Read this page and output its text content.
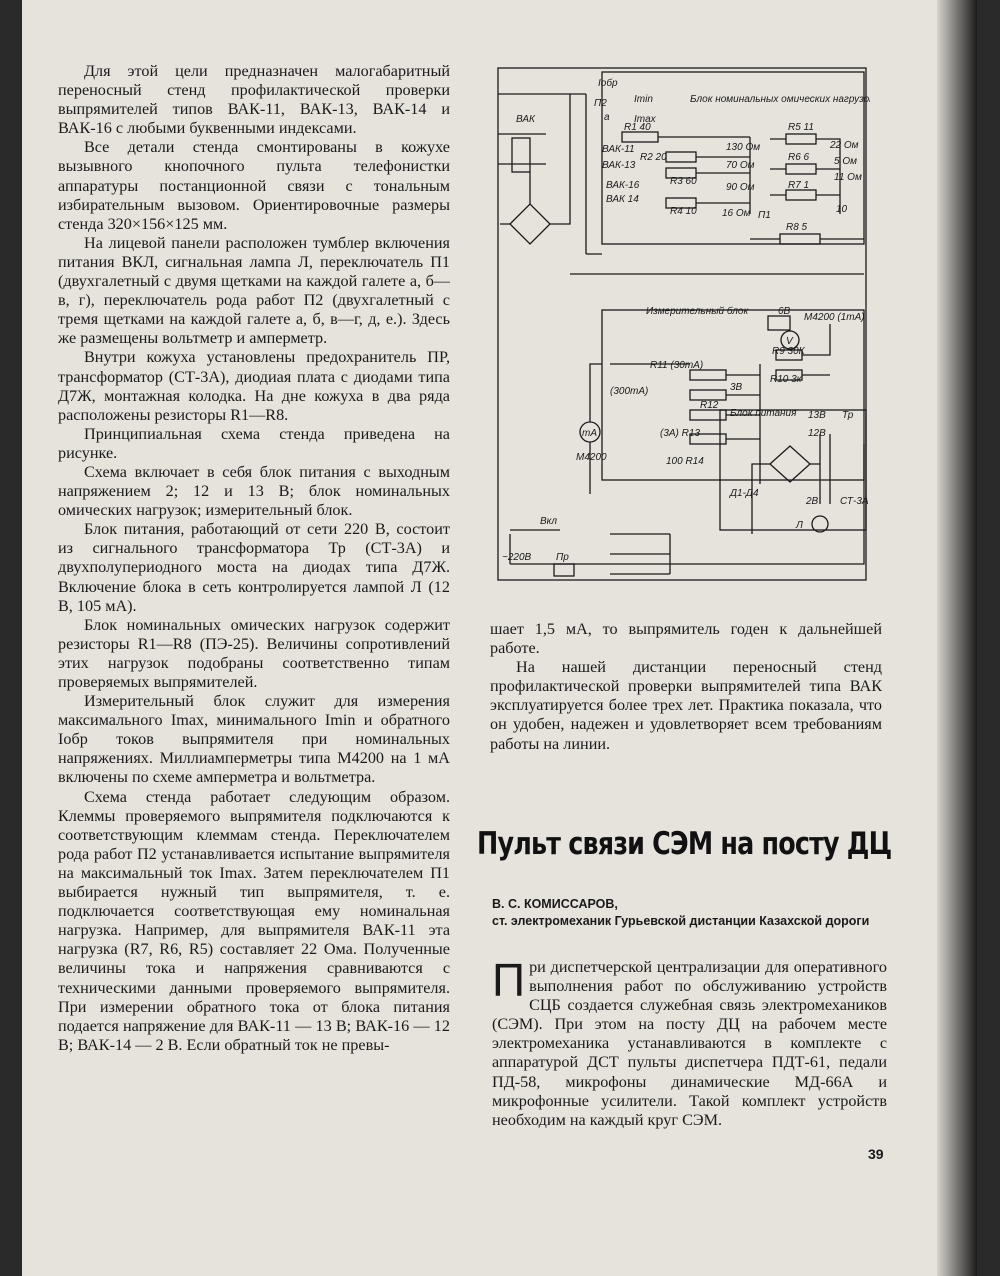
Для этой цели предназначен малогабаритный переносный стенд профилактической проверки выпрямителей типов ВАК-11, ВАК-13, ВАК-14 и ВАК-16 с любыми буквенными индексами.

Все детали стенда смонтированы в кожухе вызывного кнопочного пульта телефонистки аппаратуры постанционной связи с тональным избирательным вызовом. Ориентировочные размеры стенда 320×156×125 мм.

На лицевой панели расположен тумблер включения питания ВКЛ, сигнальная лампа Л, переключатель П1 (двухгалетный с двумя щетками на каждой галете а, б—в, г), переключатель рода работ П2 (двухгалетный с тремя щетками на каждой галете а, б, в—г, д, е.). Здесь же размещены вольтметр и амперметр.

Внутри кожуха установлены предохранитель ПР, трансформатор (СТ-3А), диодиая плата с диодами типа Д7Ж, монтажная колодка. На дне кожуха в два ряда расположены резисторы R1—R8.

Принципиальная схема стенда приведена на рисунке.

Схема включает в себя блок питания с выходным напряжением 2; 12 и 13 В; блок номинальных омических нагрузок; измерительный блок.

Блок питания, работающий от сети 220 В, состоит из сигнального трансформатора Тр (СТ-3А) и двухполупериодного моста на диодах типа Д7Ж. Включение блока в сеть контролируется лампой Л (12 В, 105 мА).

Блок номинальных омических нагрузок содержит резисторы R1—R8 (ПЭ-25). Величины сопротивлений этих нагрузок подобраны соответственно типам проверяемых выпрямителей.

Измерительный блок служит для измерения максимального Imax, минимального Imin и обратного Iобр токов выпрямителя при номинальных напряжениях. Миллиамперметры типа М4200 на 1 мА включены по схеме амперметра и вольтметра.

Схема стенда работает следующим образом. Клеммы проверяемого выпрямителя подключаются к соответствующим клеммам стенда. Переключателем рода работ П2 устанавливается испытание выпрямителя на максимальный ток Imax. Затем переключателем П1 выбирается нужный тип выпрямителя, т. е. подключается соответствующая ему номинальная нагрузка. Например, для выпрямителя ВАК-11 эта нагрузка (R7, R6, R5) составляет 22 Ома. Полученные величины тока и напряжения сравниваются с техническими данными проверяемого выпрямителя. При измерении обратного тока от блока питания подается напряжение для ВАК-11 — 13 В; ВАК-16 — 12 В; ВАК-14 — 2 В. Если обратный ток не превы-

ВАК
Iобр
Imin
Imax
П2
а
Блок номинальных омических нагрузок
R1 40
R2 20
R3 60
R4 10
R5 11
R6 6
R7 1
R8 5
ВАК-11
ВАК-13
ВАК-16
ВАК 14
130 Ом
70 Ом
90 Ом
16 Ом
22 Ом
5 Ом
11 Ом
10
П1
Измерительный блок
М4200 (1mA)
V
R9 30К
R10 3к
6В
3В
R11 (30mA)
(300mA)
R12
(3А) R13
100 R14
mA
М4200
Блок питания 13В
12В
2В
Тр
СТ-3А
Л
Д1-Д4
Вкл
~220В Пр

шает 1,5 мА, то выпрямитель годен к дальнейшей работе.

На нашей дистанции переносный стенд профилактической проверки выпрямителей типа ВАК эксплуатируется более трех лет. Практика показала, что он удобен, надежен и удовлетворяет всем требованиям работы на линии.

Пульт связи СЭМ на посту ДЦ
В. С. КОМИССАРОВ,
ст. электромеханик Гурьевской дистанции Казахской дороги
При диспетчерской централизации для оперативного выполнения работ по обслуживанию устройств СЦБ создается служебная связь электромехаников (СЭМ). При этом на посту ДЦ на рабочем месте электромеханика устанавливаются в комплекте с аппаратурой ДСТ пульты диспетчера ПДТ-61, педали ПД-58, микрофоны динамические МД-66А и микрофонные усилители. Такой комплект устройств необходим на каждый круг СЭМ.
39
